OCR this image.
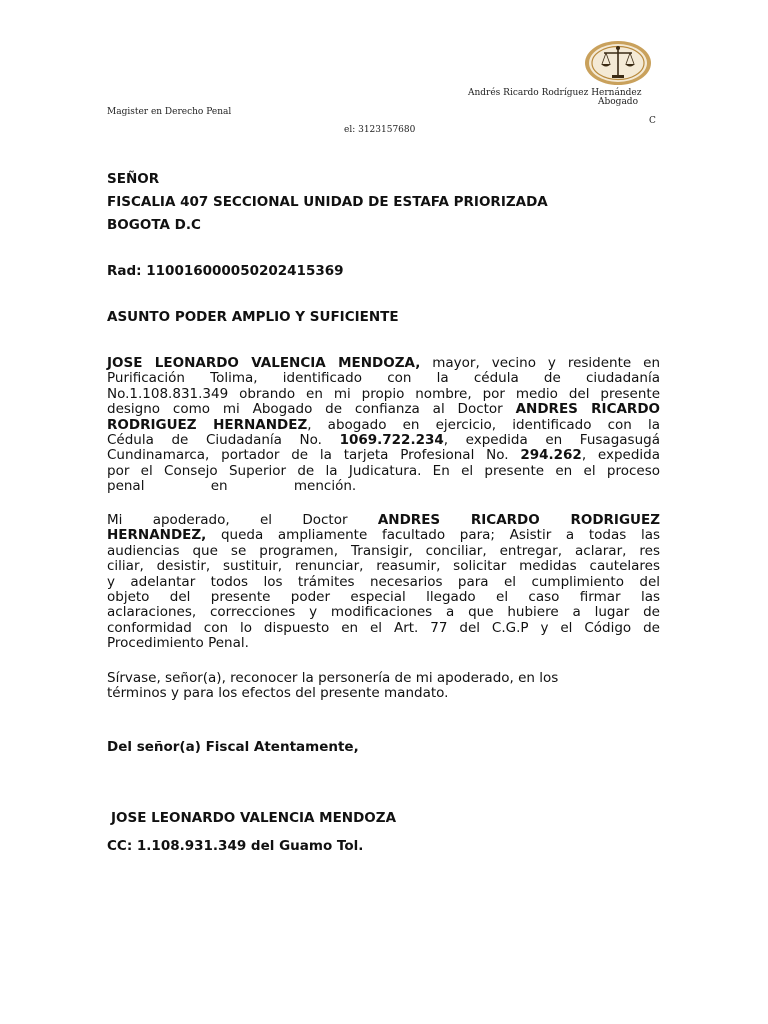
Andrés Ricardo Rodríguez Hernández
Abogado
Magister en Derecho Penal
C
el: 3123157680
SEÑOR
FISCALIA 407 SECCIONAL UNIDAD DE ESTAFA PRIORIZADA
BOGOTA D.C
Rad: 11001600005020241536​9
ASUNTO PODER AMPLIO Y SUFICIENTE
JOSE LEONARDO VALENCIA MENDOZA, mayor, vecino y residente en
Purificación Tolima, identificado con la cédula de ciudadanía
No.1.108.831.349 obrando en mi propio nombre, por medio del presente
designo como mi Abogado de confianza al Doctor ANDRES RICARDO
RODRIGUEZ HERNANDEZ, abogado en ejercicio, identificado con la
Cédula de Ciudadanía No. 1069.722.234, expedida en Fusagasugá
Cundinamarca, portador de la tarjeta Profesional No. 294.262, expedida
por el Consejo Superior de la Judicatura. En el presente en el proceso
penal en mención.
Mi apoderado, el Doctor ANDRES RICARDO RODRIGUEZ
HERNANDEZ, queda ampliamente facultado para; Asistir a todas las
audiencias que se programen, Transigir, conciliar, entregar, aclarar, res
ciliar, desistir, sustituir, renunciar, reasumir, solicitar medidas cautelares
y adelantar todos los trámites necesarios para el cumplimiento del
objeto del presente poder especial llegado el caso firmar las
aclaraciones, correcciones y modificaciones a que hubiere a lugar de
conformidad con lo dispuesto en el Art. 77 del C.G.P y el Código de
Procedimiento Penal.
Sírvase, señor(a), reconocer la personería de mi apoderado, en los
términos y para los efectos del presente mandato.
Del señor(a) Fiscal Atentamente,
JOSE LEONARDO VALENCIA MENDOZA
CC: 1.108.931.349 del Guamo Tol.
